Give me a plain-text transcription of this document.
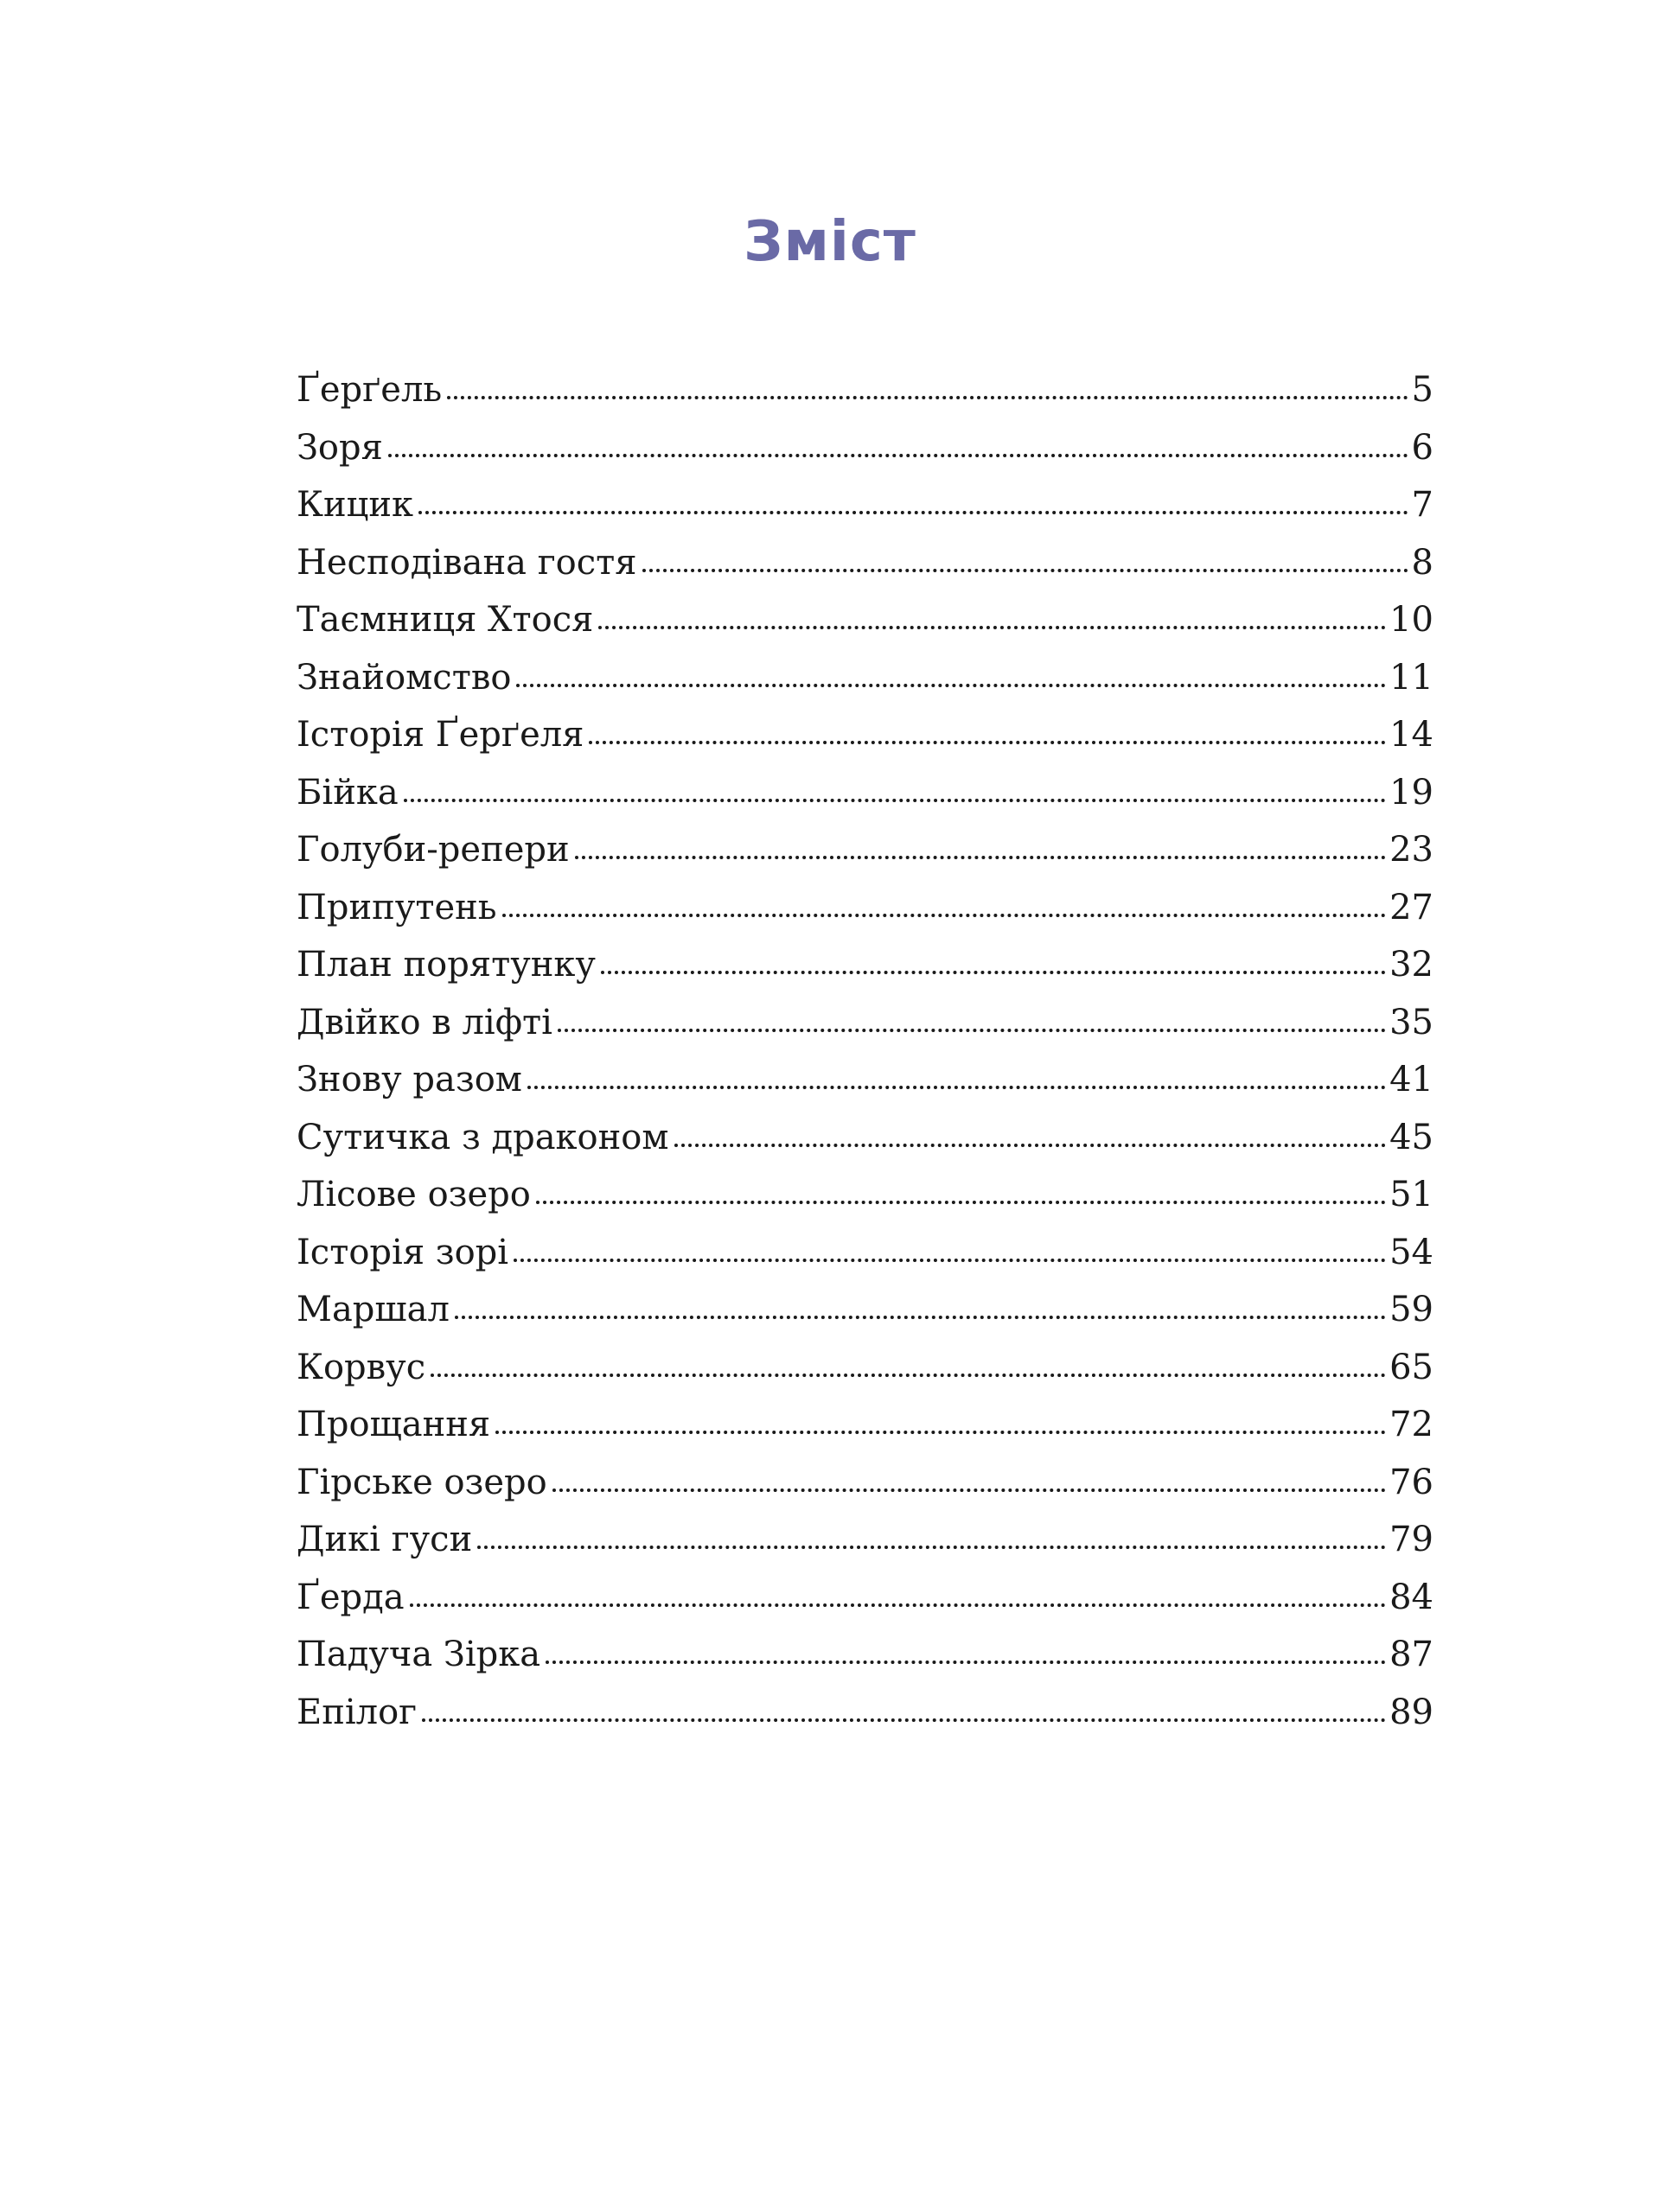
Зміст
Ґерґель	5
Зоря	6
Кицик	7
Несподівана гостя	8
Таємниця Хтося	10
Знайомство	11
Історія Ґерґеля	14
Бійка	19
Голуби-репери	23
Припутень	27
План порятунку	32
Двійко в ліфті	35
Знову разом	41
Сутичка з драконом	45
Лісове озеро	51
Історія зорі	54
Маршал	59
Корвус	65
Прощання	72
Гірське озеро	76
Дикі гуси	79
Ґерда	84
Падуча Зірка	87
Епілог	89
